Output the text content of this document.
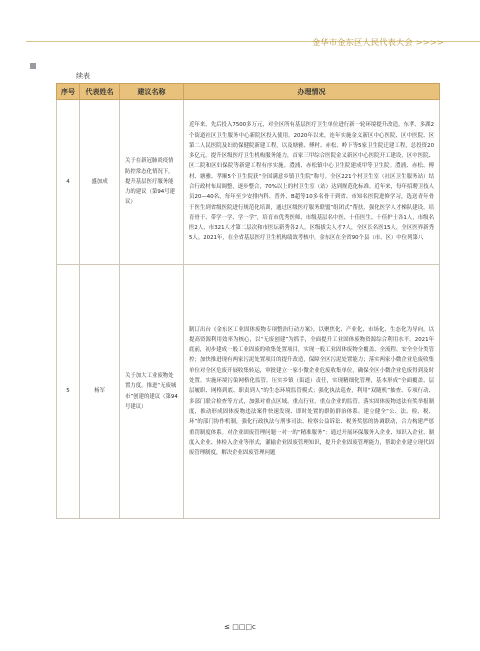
金华市金东区人民代表大会 >>>>
续表
序号	代表姓名	建议名称	办理情况
4	盛加成	关于在新冠肺炎疫情防控常态化情况下，提升基层医疗服务能力的建议（第94号建议）	近年来，先后投入7500多万元，对全区所有基层医疗卫生单位进行新一轮环境提升改造。东孝、多湖2个街道社区卫生服务中心新院区投入使用。2020年以来，连年实施金义新区中心医院、区中医院、区第二人民医院及妇幼保健院新建工程，以及塘雅、傅村、赤松、岭下等5家卫生院迁建工程，总投资20多亿元。提升区级医疗卫生机构服务能力，首家三甲综合医院金义新区中心医院开工建设，区中医院、区二院和区妇保院等新建工程有序实施。澧浦、赤松镇中心卫生院建成甲等卫生院。澧浦、赤松、傅村、塘雅、孝顺5个卫生院获“全国满意乡镇卫生院”称号。全区221个村卫生室（社区卫生服务站）结合行政村布局调整，逐步整合，70%以上的村卫生室（站）达到规范化标准。近年来，每年招聘卫技人员20—40名，每年至少安排内科、普外、B超等10多名骨干到省、市知名医院进修学习，选送青年骨干医生到省级医院进行规范化培训，通过区级医疗服务联盟“组团式”帮扶，强化医学人才梯队建设，培育骨干、带学一学、学一学”，培育市优秀医师、市级基层名中医、十佳医生、十佳护士各1人，市级名医2人、市321人才第二层次和市医坛新秀各2人，区级拔尖人才7人，全区长名医15人，全区医界新秀5人。2021年，在全省基层医疗卫生机构绩效考核中，金东区在全省90个县（市、区）中位列第八
5	杨军	关于加大工业废物处置力度，推进“无废城市”创建的建议（第94号建议）	制订出台《金东区工业固体废物专项整治行动方案》，以聚焦化、产业化、市场化、生态化为导向，以提高资源利用效率为核心，以“无废创建”为抓手，全面提升工业固体废物资源综合利用水平。2021年底前，初步建成一般工业固废的收集处置项目，实现一般工业固体废物全覆盖、全流程、安全全分类管控；加快推进现有两家污泥处置项目的提升改造，保障全区污泥处置能力；落实两家小微企业危废收集单位对全区危废开展收集转运，审批建立一家小微企业危废收集单位，确保全区小微企业危废得到及时处置。实施环境污染网格化监管，压实乡镇（街道）责任，实现精细化管理，基本形成“全面覆盖、层层履职、网格到底、职责到人”的生态环境监管模式；强化执法巡查，利用“双随机”抽查、专项行动、多部门联合检查等方式，加强对重点区域、重点行业、重点企业的监管。落实固体废物违法有奖举报制度，推动形成固体废物违法案件快速发现、即时处置的群防群治体系。建立健全“公、法、检、税、环”的部门协作机制，强化行政执法与刑事司法、检察公益诉讼、税务奖惩的协调联动，合力构建严惩重罚制度体系。对企业固废管理问题一对一的“精准服务”：通过开展环保服务入企业、知识入企业、制度入企业、体检入企业等形式，灌输企业固废管理知识，提升企业固废管理能力，帮助企业建立现代固废管理制度，解决企业固废管理问题
≤ □□□c
